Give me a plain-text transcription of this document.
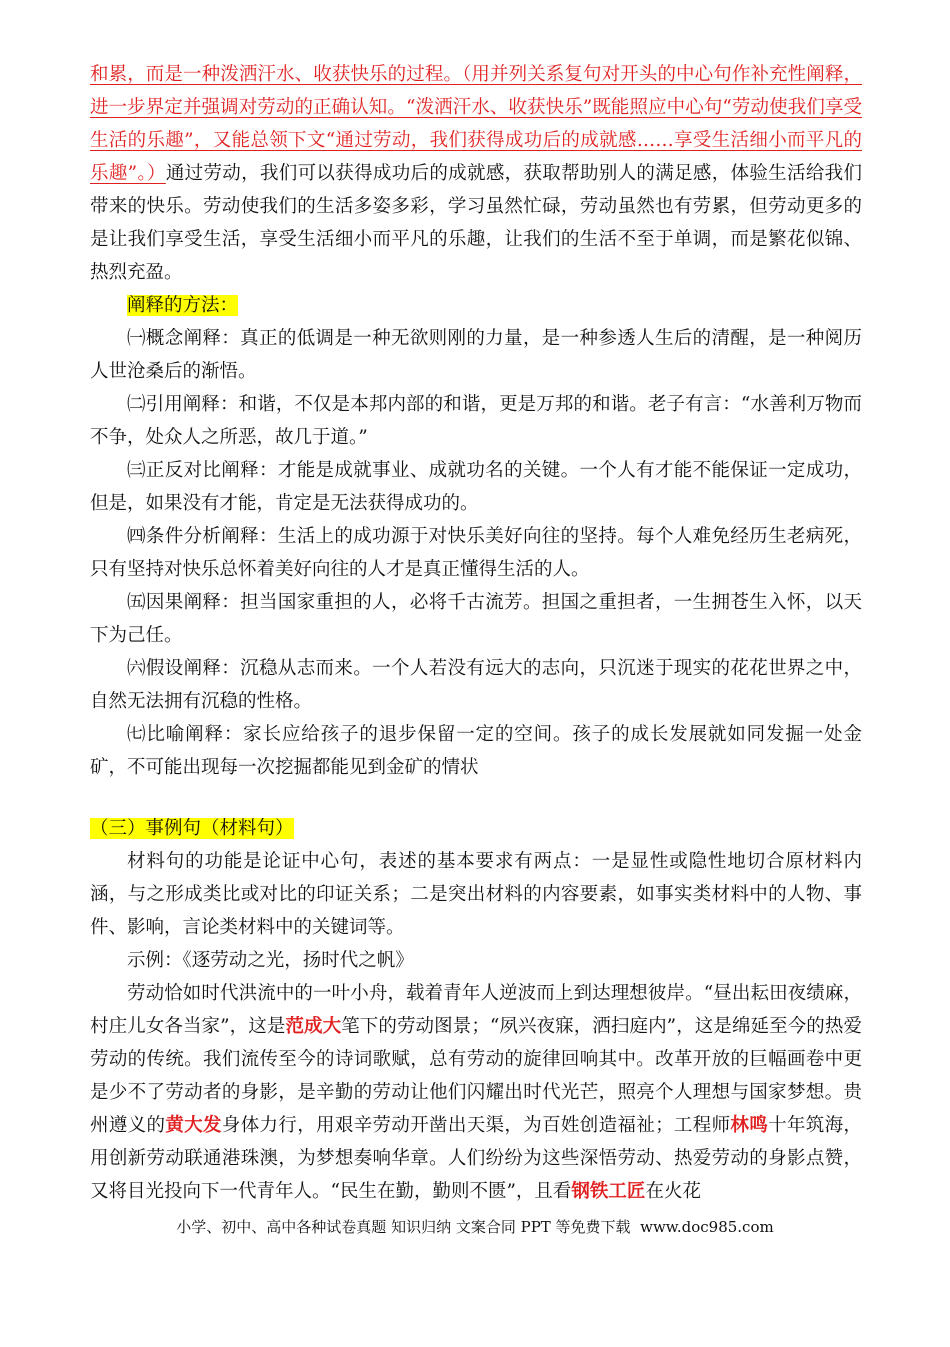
和累，而是一种泼洒汗水、收获快乐的过程。（用并列关系复句对开头的中心句作补充性阐释，进一步界定并强调对劳动的正确认知。“泼洒汗水、收获快乐”既能照应中心句“劳动使我们享受生活的乐趣”，又能总领下文“通过劳动，我们获得成功后的成就感……享受生活细小而平凡的乐趣”。）通过劳动，我们可以获得成功后的成就感，获取帮助别人的满足感，体验生活给我们带来的快乐。劳动使我们的生活多姿多彩，学习虽然忙碌，劳动虽然也有劳累，但劳动更多的是让我们享受生活，享受生活细小而平凡的乐趣，让我们的生活不至于单调，而是繁花似锦、热烈充盈。

阐释的方法：

㈠概念阐释：真正的低调是一种无欲则刚的力量，是一种参透人生后的清醒，是一种阅历人世沧桑后的渐悟。

㈡引用阐释：和谐，不仅是本邦内部的和谐，更是万邦的和谐。老子有言：“水善利万物而不争，处众人之所恶，故几于道。”

㈢正反对比阐释：才能是成就事业、成就功名的关键。一个人有才能不能保证一定成功，但是，如果没有才能，肯定是无法获得成功的。

㈣条件分析阐释：生活上的成功源于对快乐美好向往的坚持。每个人难免经历生老病死，只有坚持对快乐总怀着美好向往的人才是真正懂得生活的人。

㈤因果阐释：担当国家重担的人，必将千古流芳。担国之重担者，一生拥苍生入怀，以天下为己任。

㈥假设阐释：沉稳从志而来。一个人若没有远大的志向，只沉迷于现实的花花世界之中，自然无法拥有沉稳的性格。

㈦比喻阐释：家长应给孩子的退步保留一定的空间。孩子的成长发展就如同发掘一处金矿，不可能出现每一次挖掘都能见到金矿的情状

（三）事例句（材料句）

材料句的功能是论证中心句，表述的基本要求有两点：一是显性或隐性地切合原材料内涵，与之形成类比或对比的印证关系；二是突出材料的内容要素，如事实类材料中的人物、事件、影响，言论类材料中的关键词等。

示例：《逐劳动之光，扬时代之帆》

劳动恰如时代洪流中的一叶小舟，载着青年人逆波而上到达理想彼岸。“昼出耘田夜绩麻，村庄儿女各当家”，这是范成大笔下的劳动图景；“夙兴夜寐，洒扫庭内”，这是绵延至今的热爱劳动的传统。我们流传至今的诗词歌赋，总有劳动的旋律回响其中。改革开放的巨幅画卷中更是少不了劳动者的身影，是辛勤的劳动让他们闪耀出时代光芒，照亮个人理想与国家梦想。贵州遵义的黄大发身体力行，用艰辛劳动开凿出天渠，为百姓创造福祉；工程师林鸣十年筑海，用创新劳动联通港珠澳，为梦想奏响华章。人们纷纷为这些深悟劳动、热爱劳动的身影点赞，又将目光投向下一代青年人。“民生在勤，勤则不匮”，且看钢铁工匠在火花

小学、初中、高中各种试卷真题 知识归纳 文案合同 PPT 等免费下载 www.doc985.com
